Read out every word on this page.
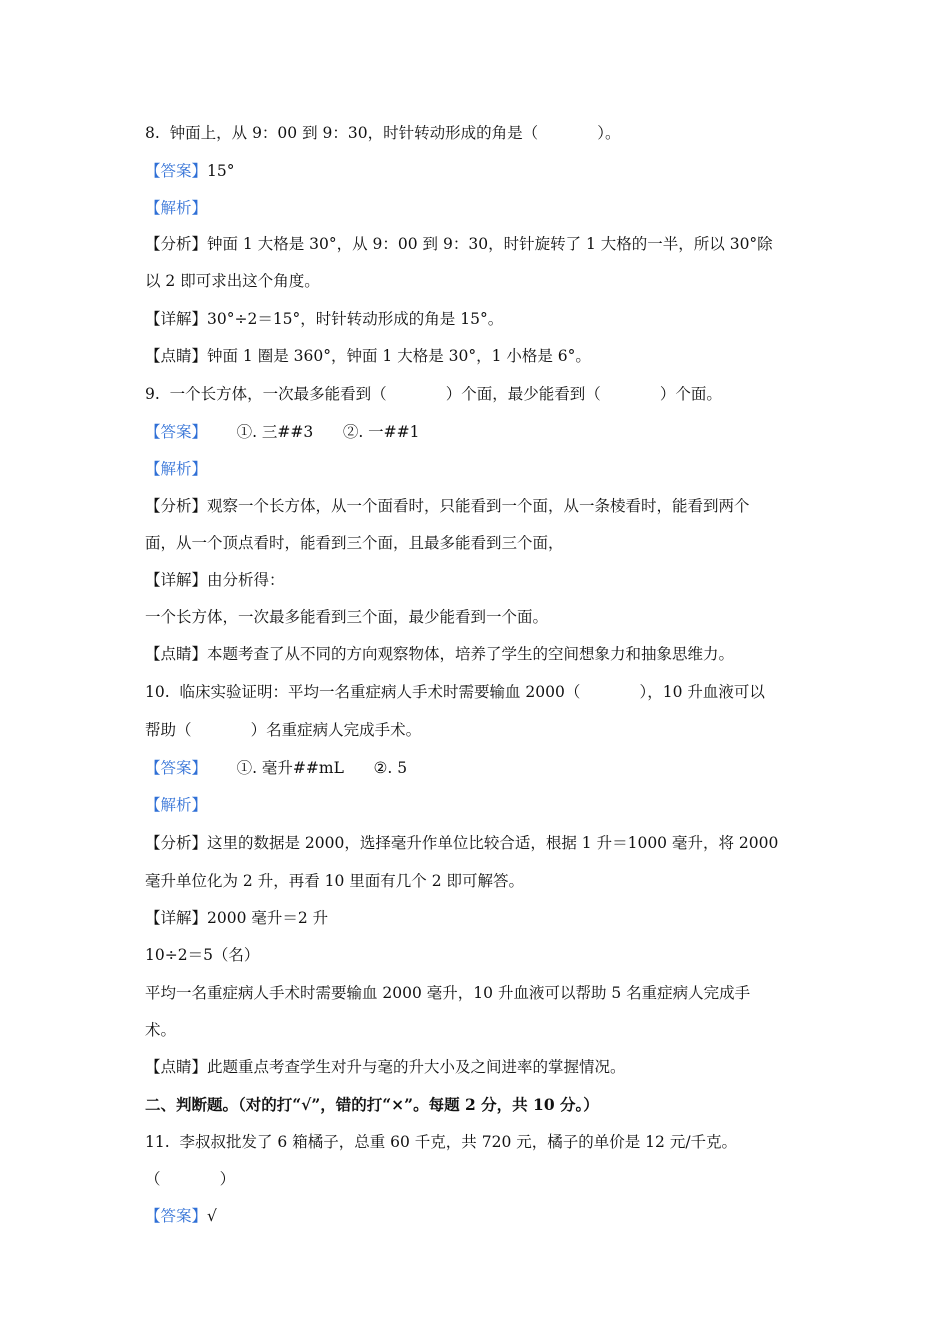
8.  钟面上，从 9：00 到 9：30，时针转动形成的角是（            ）。
【答案】15°
【解析】
【分析】钟面 1 大格是 30°，从 9：00 到 9：30，时针旋转了 1 大格的一半，所以 30°除
以 2 即可求出这个角度。
【详解】30°÷2＝15°，时针转动形成的角是 15°。
【点睛】钟面 1 圈是 360°，钟面 1 大格是 30°，1 小格是 6°。
9.  一个长方体，一次最多能看到（            ）个面，最少能看到（            ）个面。
【答案】      ①. 三##3      ②. 一##1
【解析】
【分析】观察一个长方体，从一个面看时，只能看到一个面，从一条棱看时，能看到两个
面，从一个顶点看时，能看到三个面，且最多能看到三个面，
【详解】由分析得：
一个长方体，一次最多能看到三个面，最少能看到一个面。
【点睛】本题考查了从不同的方向观察物体，培养了学生的空间想象力和抽象思维力。
10.  临床实验证明：平均一名重症病人手术时需要输血 2000（            ），10 升血液可以
帮助（            ）名重症病人完成手术。
【答案】      ①. 毫升##mL      ②. 5
【解析】
【分析】这里的数据是 2000，选择毫升作单位比较合适，根据 1 升＝1000 毫升，将 2000
毫升单位化为 2 升，再看 10 里面有几个 2 即可解答。
【详解】2000 毫升＝2 升
10÷2＝5（名）
平均一名重症病人手术时需要输血 2000 毫升，10 升血液可以帮助 5 名重症病人完成手
术。
【点睛】此题重点考查学生对升与毫的升大小及之间进率的掌握情况。
二、判断题。（对的打“√”，错的打“×”。每题 2 分，共 10 分。）
11.  李叔叔批发了 6 箱橘子，总重 60 千克，共 720 元，橘子的单价是 12 元/千克。
（            ）
【答案】√
